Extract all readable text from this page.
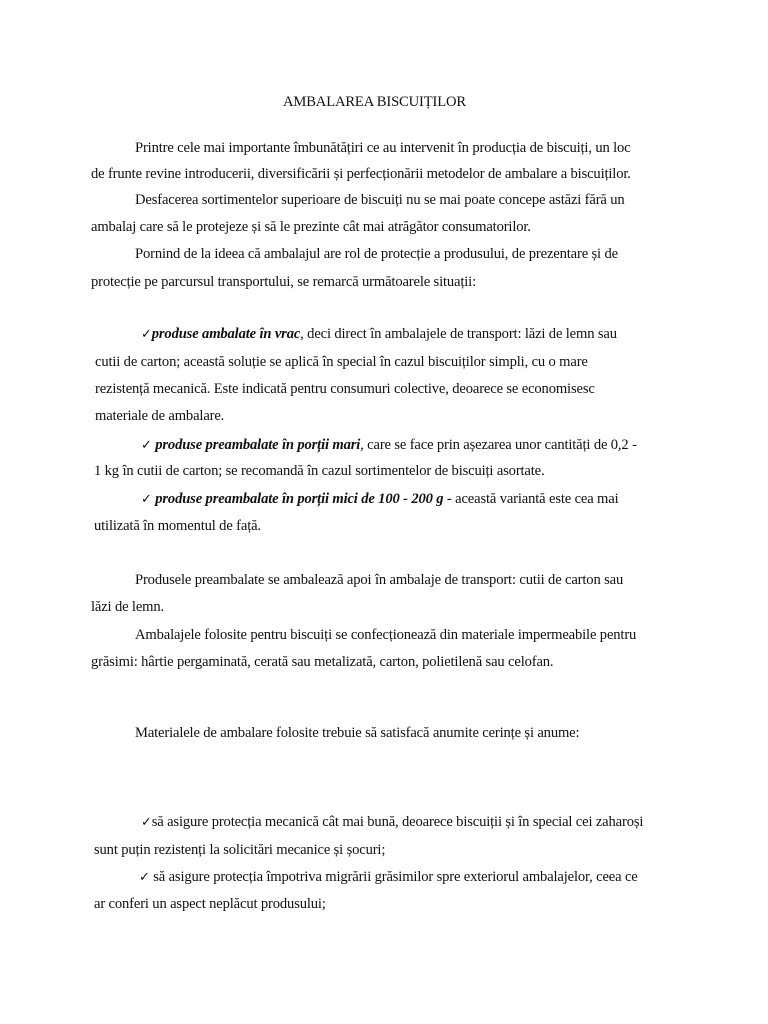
AMBALAREA BISCUIȚILOR
Printre cele mai importante îmbunătățiri ce au intervenit în producția de biscuiți, un loc
de frunte revine introducerii, diversificării și perfecționării metodelor de ambalare a biscuiților.
Desfacerea sortimentelor superioare de biscuiți nu se mai poate concepe astăzi fără un
ambalaj care să le protejeze și să le prezinte cât mai atrăgător consumatorilor.
Pornind de la ideea că ambalajul are rol de protecție a produsului, de prezentare și de
protecție pe parcursul transportului, se remarcă următoarele situații:
✓produse ambalate în vrac, deci direct în ambalajele de transport: lăzi de lemn sau
cutii de carton; această soluție se aplică în special în cazul biscuiților simpli, cu o mare
rezistență mecanică. Este indicată pentru consumuri colective, deoarece se economisesc
materiale de ambalare.
✓ produse preambalate în porții mari, care se face prin așezarea unor cantități de 0,2 -
1 kg în cutii de carton; se recomandă în cazul sortimentelor de biscuiți asortate.
✓ produse preambalate în porții mici de 100 - 200 g - această variantă este cea mai
utilizată în momentul de față.
Produsele preambalate se ambalează apoi în ambalaje de transport: cutii de carton sau
lăzi de lemn.
Ambalajele folosite pentru biscuiți se confecționează din materiale impermeabile pentru
grăsimi: hârtie pergaminată, cerată sau metalizată, carton, polietilenă sau celofan.
Materialele de ambalare folosite trebuie să satisfacă anumite cerințe și anume:
✓să asigure protecția mecanică cât mai bună, deoarece biscuiții și în special cei zaharoși
sunt puțin rezistenți la solicitări mecanice și șocuri;
✓ să asigure protecția împotriva migrării grăsimilor spre exteriorul ambalajelor, ceea ce
ar conferi un aspect neplăcut produsului;
